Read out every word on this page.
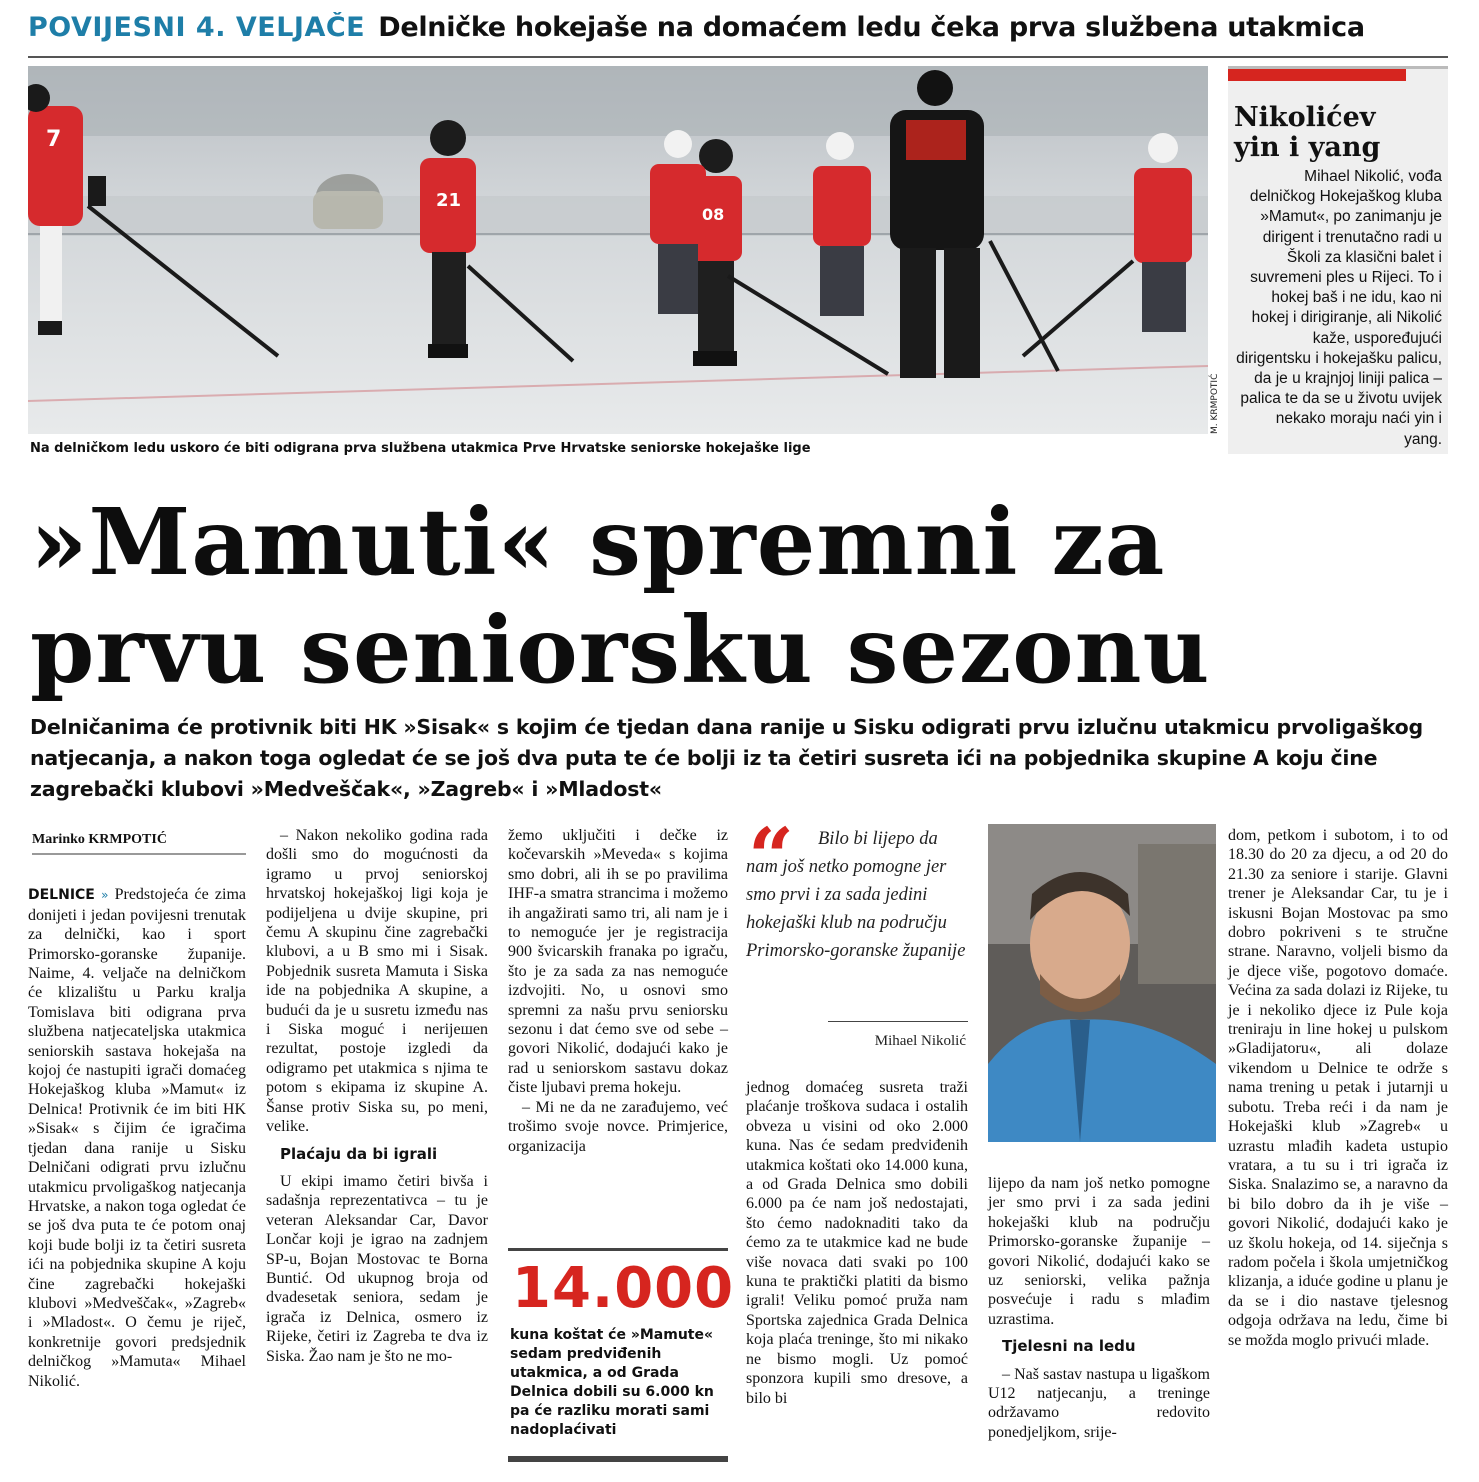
POVIJESNI 4. VELJAČE Delničke hokejaše na domaćem ledu čeka prva službena utakmica
7
21
08
M. KRMPOTIĆ
Na delničkom ledu uskoro će biti odigrana prva službena utakmica Prve Hrvatske seniorske hokejaške lige
Nikolićev
yin i yang
Mihael Nikolić, vođa delničkog Hokejaškog kluba »Mamut«, po zanimanju je dirigent i trenutačno radi u Školi za klasični balet i suvremeni ples u Rijeci. To i hokej baš i ne idu, kao ni hokej i dirigiranje, ali Nikolić kaže, uspoređujući dirigentsku i hokejašku palicu, da je u krajnjoj liniji palica – palica te da se u životu uvijek nekako moraju naći yin i yang.
»Mamuti« spremni za
prvu seniorsku sezonu
Delničanima će protivnik biti HK »Sisak« s kojim će tjedan dana ranije u Sisku odigrati prvu izlučnu utakmicu prvoligaškog natjecanja, a nakon toga ogledat će se još dva puta te će bolji iz ta četiri susreta ići na pobjednika skupine A koju čine zagrebački klubovi »Medveščak«, »Zagreb« i »Mladost«
Marinko KRMPOTIĆ

DELNICE » Predstojeća će zima donijeti i jedan povijesni trenutak za delnički, kao i sport Primorsko-goranske županije. Naime, 4. veljače na delničkom će klizalištu u Parku kralja Tomislava biti odigrana prva službena natjecateljska utakmica seniorskih sastava hokejaša na kojoj će nastupiti igrači domaćeg Hokejaškog kluba »Mamut« iz Delnica! Protivnik će im biti HK »Sisak« s čijim će igračima tjedan dana ranije u Sisku Delničani odigrati prvu izlučnu utakmicu prvoligaškog natjecanja Hrvatske, a nakon toga ogledat će se još dva puta te će potom onaj koji bude bolji iz ta četiri susreta ići na pobjednika skupine A koju čine zagrebački hokejaški klubovi »Medveščak«, »Zagreb« i »Mladost«. O čemu je riječ, konkretnije govori predsjednik delničkog »Mamuta« Mihael Nikolić.

– Nakon nekoliko godina rada došli smo do mogućnosti da igramo u prvoj seniorskoj hrvatskoj hokejaškoj ligi koja je podijeljena u dvije skupine, pri čemu A skupinu čine zagrebački klubovi, a u B smo mi i Sisak. Pobjednik susreta Mamuta i Siska ide na pobjednika A skupine, a budući da je u susretu između nas i Siska moguć i nerijешen rezultat, postoje izgledi da odigramo pet utakmica s njima te potom s ekipama iz skupine A. Šanse protiv Siska su, po meni, velike.

Plaćaju da bi igrali

U ekipi imamo četiri bivša i sadašnja reprezentativca – tu je veteran Aleksandar Car, Davor Lončar koji je igrao na zadnjem SP-u, Bojan Mostovac te Borna Buntić. Od ukupnog broja od dvadesetak seniora, sedam je igrača iz Delnica, osmero iz Rijeke, četiri iz Zagreba te dva iz Siska. Žao nam je što ne mo-

žemo uključiti i dečke iz kočevarskih »Meveda« s kojima smo dobri, ali ih se po pravilima IHF-a smatra strancima i možemo ih angažirati samo tri, ali nam je i to nemoguće jer je registracija 900 švicarskih franaka po igraču, što je za sada za nas nemoguće izdvojiti. No, u osnovi smo spremni za našu prvu seniorsku sezonu i dat ćemo sve od sebe – govori Nikolić, dodajući kako je rad u seniorskom sastavu dokaz čiste ljubavi prema hokeju.

– Mi ne da ne zarađujemo, već trošimo svoje novce. Primjerice, organizacija

14.000
kuna koštat će »Mamute« sedam predviđenih utakmica, a od Grada Delnica dobili su 6.000 kn pa će razliku morati sami nadoplaćivati
“	Bilo bi lijepo da nam još netko pomogne jer smo prvi i za sada jedini hokejaški klub na području Primorsko-goranske županije
Mihael Nikolić

jednog domaćeg susreta traži plaćanje troškova sudaca i ostalih obveza u visini od oko 2.000 kuna. Nas će sedam predviđenih utakmica koštati oko 14.000 kuna, a od Grada Delnica smo dobili 6.000 pa će nam još nedostajati, što ćemo nadoknaditi tako da ćemo za te utakmice kad ne bude više novaca dati svaki po 100 kuna te praktički platiti da bismo igrali! Veliku pomoć pruža nam Sportska zajednica Grada Delnica koja plaća treninge, što mi nikako ne bismo mogli. Uz pomoć sponzora kupili smo dresove, a bilo bi

lijepo da nam još netko pomogne jer smo prvi i za sada jedini hokejaški klub na području Primorsko-goranske županije – govori Nikolić, dodajući kako se uz seniorski, velika pažnja posvećuje i radu s mlađim uzrastima.

Tjelesni na ledu

– Naš sastav nastupa u ligaškom U12 natjecanju, a treninge održavamo redovito ponedjeljkom, srije-

dom, petkom i subotom, i to od 18.30 do 20 za djecu, a od 20 do 21.30 za seniore i starije. Glavni trener je Aleksandar Car, tu je i iskusni Bojan Mostovac pa smo dobro pokriveni s te stručne strane. Naravno, voljeli bismo da je djece više, pogotovo domaće. Većina za sada dolazi iz Rijeke, tu je i nekoliko djece iz Pule koja treniraju in line hokej u pulskom »Gladijatoru«, ali dolaze vikendom u Delnice te održe s nama trening u petak i jutarnji u subotu. Treba reći i da nam je Hokejaški klub »Zagreb« u uzrastu mlađih kadeta ustupio vratara, a tu su i tri igrača iz Siska. Snalazimo se, a naravno da bi bilo dobro da ih je više – govori Nikolić, dodajući kako je uz školu hokeja, od 14. siječnja s radom počela i škola umjetničkog klizanja, a iduće godine u planu je da se i dio nastave tjelesnog odgoja održava na ledu, čime bi se možda moglo privući mlade.
